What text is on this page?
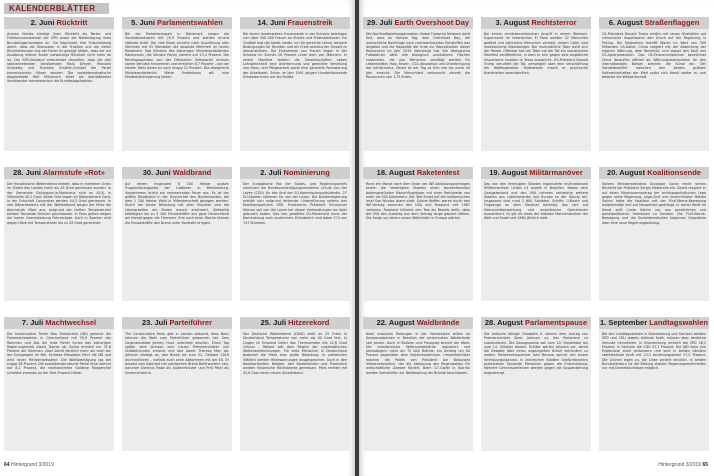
KALENDERBLÄTTER
2. Juni Rücktritt

Andrea Nahles kündigt ihren Rücktritt als Partei- und Fraktionsvorsitzende der SPD sowie die Niederlegung ihres Bundestagsmandates an. Sie begründet ihre Entscheidung damit, dass die Diskussion in der Fraktion und die vielen Rückmeldungen aus der Partei ihr gezeigt hätten, dass der zur Ausübung meiner Ämter notwendige Rückhalt nicht mehr da ist. Der SPD-Vorstand entscheidet daraufhin, dass die drei stellvertretenden Vorsitzenden Malu Dreyer, Manuela Schwesig und Thorsten Schäfer-Gümbel die Partei kommissarisch führen werden. Die sozialdemokratische Abgeordnete Rolf Mützenich leitet als dienstältester Vorsitzender kommissarisch die Bundestagsfraktion.

5. Juni Parlamentswahlen

Bei der Parlamentswahl in Dänemark siegen die Sozialdemokraten mit 25,9 Prozent und werden erneut stärkste Kraft. Der rote Block erreicht nach Auszählung aller Stimmen mit 91 Mandaten die absolute Mehrheit im neuen Parlament. Das Bündnis des bisherigen Ministerpräsidenten Rasmussen, die Venstre Partei, kommt auf 23,4 Prozent. Die Rechtspopulisten von der Dänischen Volkspartei müssen starke Verluste hinnehmen und erreichen 8,7 Prozent – bei der letzten Wahl waren es noch knapp 21 Prozent. Die designierte Ministerpräsidentin Mette Frederiksen will eine Minderheitsregierung bilden.

14. Juni Frauenstreik

Bei einem landesweiten Frauenstreik in der Schweiz beteiligen sich über 500 000 Frauen an Streiks und Protestaktionen. Ein Großteil legt die Arbeit nieder, um für gerechte Löhne, bessere Bedingungen für Familien und ein Ende sexistischer Gewalt zu demonstrieren. Die Einkommen von Frauen liegen in der Schweiz im Schnitt 20 Prozent unter dem von Männern. In einem Manifest fordern die Gewerkschaften neben Lohngleichheit eine Anerkennung und gerechter Verteilung von Haus- und Pflegearbeit sowie eine generelle Reduzierung der Arbeitszeit. Schon im Jahr 1991 gingen Hunderttausende Schweizerinnen auf die Straße.

28. Juni Alarmstufe «Rot»

Der französische Wetterdienst meldet, dass in mehreren Orten im Süden des Landes mehr als 45 Grad gemessen wurden. In der Gemeinde Gallargues-le-Montueux sind es 45,8, in Villevieille 45,1 Grad. Beide Orte liegen im Département Gard. In der Ortschaft Carpentras werden 44,3 Grad gemessen. In vier Départements ruft der Wetterdienst wegen der Hitze die Alarmstufe «Rot» aus. Aufgrund der heißen Temperaturen bleiben Tausende Schulen geschlossen. In Paris gelten wegen der hohen Ozonbelastung Fahrverbote. Auch in Spanien wird gegen Hitze mit Temperaturen bis zu 43 Grad gerechnet.

30. Juni Waldbrand

Auf einem insgesamt 6 200 Hektar großen Truppenübungsplatz bei Lübtheen in Mecklenburg-Vorpommern bricht ein verheerendes Feuer aus. Es ist der größte Waldbrand in der Geschichte des Bundeslandes, bei dem 1 200 Hektar Wald in Mitleidenschaft gezogen werden. Durch die starke Belastung mit alter Munition sind die Löscharbeiten am Boden massiv erschwert. Zeitweilig beteiligten bis zu 3 200 Einsatzkräfte aus ganz Deutschland am Kampf gegen die Flammen. Erst nach einer Woche können die Einsatzkräfte den Brand unter Kontrolle bringen.

2. Juli Nominierung

Der Europäische Rat der Staats- und Regierungschefs nominiert die Bundesverteidigungsministerin Ursula von der Leyen (CDU) für das Amt der EU-Kommissionspräsidentin. 27 EU-Staaten stimmen für von der Leyen. Die Bundesregierung enthält sich aufgrund fehlender Unterstützung seitens des Koalitionspartners SPD. Frankreichs Präsident Emmanuel Macron soll von der Leyen bei diesen Verhandlungen ins Spiel gebracht haben. Das neu gewählte EU-Parlament muss der Nominierung noch zustimmen. Erforderlich sind dabei 374 von 747 Stimmen.

7. Juli Machtwechsel

Die konservative Partei Nea Dimokratia (ND) gewinnt die Parlamentswahlen in Griechenland mit 39,9 Prozent der Stimmen und löst die linke Partei Syriza des bisherigen Regierungschefs Alexis Tsipras ab. Syriza erreicht nur 31,6 Prozent der Stimmen. Aber damit deutlich mehr als noch bei der Europawahl im Mai. Kyriakos Mitsotakis führt die ND und wird neuer Ministerpräsident. Die Wahlbeteiligung lag bei knapp 58 Prozent. Die sozialdemokratische Partei Kinal kommt auf 8,1 Prozent, die rechtsextreme Goldene Morgenröte scheitert erstmals an der Drei-Prozent-Hürde.

23. Juli Parteiführer

The Conservative Party gibt in London bekannt, dass Boris Johnson die Wahl zum Parteiführer gewonnen hat. Sein Gegenkandidat Jeremy Hunt unterliegt deutlich. Einen Tag später wird Johnson zum neuen Premierminister von Großbritannien ernannt und löst damit Theresa May ab. Johnson kündigt an, den Brexit bis zum 31. Oktober 2019 durchzuführen – notfalls auch ohne Abkommen mit der EU. Er besetzt sein Kabinett mit zahlreichen Brexit-Befürwortern neu, darunter Dominic Raab als Außenminister und Priti Patel als Innenministerin.

25. Juli Hitzerekord

Der Deutsche Wetterdienst (DWD) stellt an 25 Orten in Deutschland Temperaturen von mehr als 40 Grad fest. In Lingen im Emsland liefert das Thermometer mit 42,6 Grad Celsius – Rekord seit dem Beginn der systematischen Wetteraufzeichnungen. Für viele Menschen in Deutschland bedeutet die Hitze eine große Belastung. In zahlreichen Städten werden Hitzewarnungen ausgesprochen. Auch in den Nachbarländern Belgien, den Niederlanden und Frankreich werden historische Höchstwerte gemessen. Paris meldet mit 42,6 Grad einen neuen Allzeitrekord.

64 Hintergrund 3/2019
29. Juli Earth Overshoot Day

Die Nachhaltigkeitsorganisation Global Footprint Network stellt fest, dass an diesem Tag, dem Overshoot Day, die menschliche Nachfrage nach nachwachsenden Rohstoffen das Angebot und die Kapazität der Erde zur Reproduktion dieser Ressourcen im Jahr 2019 übersteigt hat. Die ökologische Fußabdruck zählt alle biologisch produktiven Flächen zusammen, die von Menschen benötigt werden für Lebensmittel, Holz, Fasern, CO2-Absorption und Unterbringung der Infrastruktur. Damit ist der Tag so früh wie nie zuvor im Jahr erreicht. Die Menschheit verbraucht derzeit die Ressourcen von 1,75 Erden.

3. August Rechtsterror

Bei einem rechtsterroristischen Angriff in einem Walmart-Supermarkt im texanischen El Paso werden 22 Menschen getötet und zahlreiche Menschen verletzt, sieben Opfer sind mexikanische Staatsbürger. Der mutmaßliche Täter stellt sich der Polizei. Offenbar hat der Täter vor der Tat ein rassistisches Manifest veröffentlicht, in dem er sich gegen eine angebliche hispanische Invasion in Texas ausspricht. US-Präsident Donald Trump verurteilt die Tat, verweigert aber eine Verschärfung der Waffengesetze. Stattdessen macht er psychische Krankheiten verantwortlich.

6. August Straßenflaggen

US-Präsident Donald Trump erhöht mit neuen Strafzöllen auf chinesische Importwaren den Druck auf die Regierung in Peking. Die Maßnahme betrifft Waren im Wert von 300 Milliarden US-Dollar. China reagiert mit der Abwertung der eigenen Währung, dem Renminbi, und stoppt den Kauf von US-Agrarprodukten. Das US-Finanzministerium bezeichnet China daraufhin offiziell als Währungsmanipulator. An den internationalen Börsen brechen die Kurse ein. Der Handelskonflikt zwischen den beiden größten Volkswirtschaften der Welt spitzt sich damit weiter zu und belastet die Weltwirtschaft.

18. August Raketentest

Rund ein Monat nach dem Ende des INF-Abrüstungsvertrages testen die Vereinigten Staaten einen konventionellen bodengestützten Marschflugkörper mit einer Reichweite von mehr als 500 Kilometern. Der Test findet auf der kalifornischen Insel San Nicolas Island statt. Solche Waffen waren durch den INF-Vertrag zwischen den USA und Russland seit 1987 verboten. Russland kritisiert den Test als Beweis dafür, dass die USA den Ausstieg aus dem Vertrag lange geplant hätten. Die Sorge vor einem neuen Wettrüsten in Europa wächst.

19. August Militärmanöver

Das von den Vereinigten Staaten organisierte multinationale Militärmanöver Unitas LX startet in Brasilien. Neben dem Gastgeberland und den USA nehmen zahlreiche weitere Staaten aus Lateinamerika und Europa an der Übung teil. Insgesamt sind rund 2 600 Soldaten, Schiffe, U-Boote und Flugzeuge an dem Manöver beteiligt, das sich auf Seeraumüberwachung und amphibische Operationen konzentriert. Es gilt als eines der ältesten Marinemanöver der Welt und findet seit 1960 jährlich statt.

20. August Koalitionsende

Italiens Ministerpräsident Giuseppe Conte reicht seinen Rücktritt bei Präsident Sergio Mattarella ein. Damit reagiert er auf einen Misstrauensantrag der rechtspopulistischen Lega gegen seine Regierung. Lega-Chef und Innenminister Matteo Salvini hatte die Koalition mit der Fünf-Sterne-Bewegung aufgekündigt und auf Neuwahlen gedrängt. In seiner Rede im Senat wirft Conte Salvini vor, aus persönlichen und parteipolitischen Interessen zu handeln. Die Fünf-Sterne-Bewegung und die Sozialdemokraten beginnen Gespräche über eine neue Regierungsbildung.

22. August Waldbrände

Nach massiven Rodungen in der Vormonaten wüten im Amazonasbecken in Brasilien die schlimmsten Waldbrände seit Jahren. Auch in Bolivien und Paraguay brennt der Wald. Die brasilianische Weltraumbehörde registriert seit Jahresbeginn mehr als 75 000 Brände, ein Anstieg um 84 Prozent gegenüber dem Vorjahreszeitraum. Umweltschützer machen die Politik von Präsident Jair Bolsonaro mitverantwortlich, der die Abholzung des Regenwaldes für wirtschaftliche Zwecke fördert. Beim G7-Gipfel in Biarritz werden Soforthilfen zur Bekämpfung der Brände beschlossen.

28. August Parlamentspause

Die britische Königin Elizabeth II. stimmt dem Antrag von Premierminister Boris Johnson zu, das Parlament zu suspendieren. Die Zwangspause soll vom 10. September bis zum 14. Oktober dauern. Kritiker werfen Johnson vor, damit die Debatte über einen ungeregelten Brexit verhindern zu wollen. Parlamentssprecher John Bercow spricht von einem Verfassungsskandal. In zahlreichen Städten Großbritanniens protestieren Tausende Menschen gegen die Entscheidung. Mehrere Gerichtsverfahren werden gegen die Suspendierung angestrengt.

1. September Landtagswahlen

Bei den Landtagswahlen in Brandenburg und Sachsen bleiben SPD und CDU jeweils stärkste Kraft, müssen aber deutliche Verluste hinnehmen. In Brandenburg erreicht die SPD 26,2 Prozent, in Sachsen die CDU 32,1 Prozent. Die AfD kann ihre Ergebnisse stark verbessern und wird in beiden Ländern zweitstärkste Kraft mit 23,5 beziehungsweise 27,5 Prozent. Die Grünen legen zu, die Linke verliert deutlich. In beiden Bundesländern ist die Bildung stabiler Regierungsmehrheiten nur mit Dreierbündnissen möglich.

Hintergrund 3/2019 65
